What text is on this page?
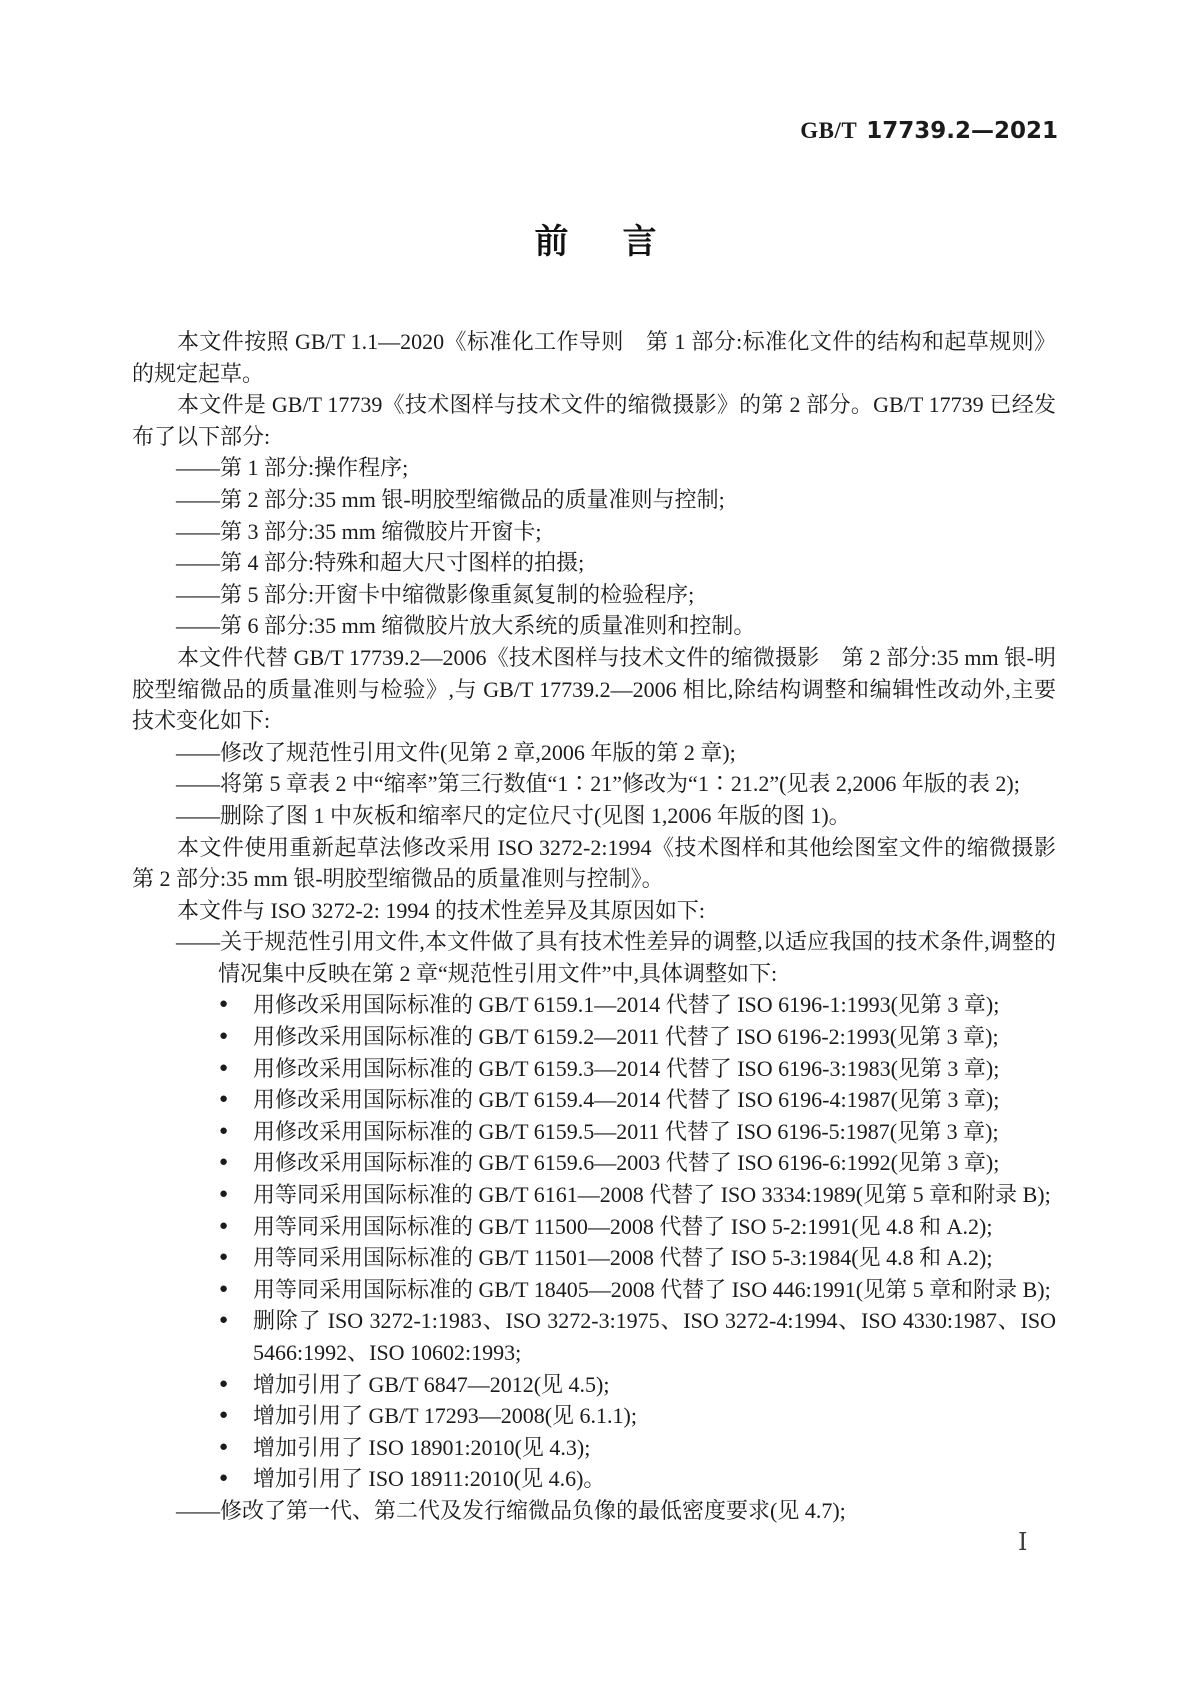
GB/T 17739.2—2021
前 言

本文件按照 GB/T 1.1—2020《标准化工作导则　第 1 部分:标准化文件的结构和起草规则》的规定起草。

本文件是 GB/T 17739《技术图样与技术文件的缩微摄影》的第 2 部分。GB/T 17739 已经发布了以下部分:

——第 1 部分:操作程序;

——第 2 部分:35 mm 银-明胶型缩微品的质量准则与控制;

——第 3 部分:35 mm 缩微胶片开窗卡;

——第 4 部分:特殊和超大尺寸图样的拍摄;

——第 5 部分:开窗卡中缩微影像重氮复制的检验程序;

——第 6 部分:35 mm 缩微胶片放大系统的质量准则和控制。

本文件代替 GB/T 17739.2—2006《技术图样与技术文件的缩微摄影　第 2 部分:35 mm 银-明胶型缩微品的质量准则与检验》,与 GB/T 17739.2—2006 相比,除结构调整和编辑性改动外,主要技术变化如下:

——修改了规范性引用文件(见第 2 章,2006 年版的第 2 章);

——将第 5 章表 2 中“缩率”第三行数值“1∶21”修改为“1∶21.2”(见表 2,2006 年版的表 2);

——删除了图 1 中灰板和缩率尺的定位尺寸(见图 1,2006 年版的图 1)。

本文件使用重新起草法修改采用 ISO 3272-2:1994《技术图样和其他绘图室文件的缩微摄影　第 2 部分:35 mm 银-明胶型缩微品的质量准则与控制》。

本文件与 ISO 3272-2: 1994 的技术性差异及其原因如下:

——关于规范性引用文件,本文件做了具有技术性差异的调整,以适应我国的技术条件,调整的情况集中反映在第 2 章“规范性引用文件”中,具体调整如下:

● 用修改采用国际标准的 GB/T 6159.1—2014 代替了 ISO 6196-1:1993(见第 3 章);

● 用修改采用国际标准的 GB/T 6159.2—2011 代替了 ISO 6196-2:1993(见第 3 章);

● 用修改采用国际标准的 GB/T 6159.3—2014 代替了 ISO 6196-3:1983(见第 3 章);

● 用修改采用国际标准的 GB/T 6159.4—2014 代替了 ISO 6196-4:1987(见第 3 章);

● 用修改采用国际标准的 GB/T 6159.5—2011 代替了 ISO 6196-5:1987(见第 3 章);

● 用修改采用国际标准的 GB/T 6159.6—2003 代替了 ISO 6196-6:1992(见第 3 章);

● 用等同采用国际标准的 GB/T 6161—2008 代替了 ISO 3334:1989(见第 5 章和附录 B);

● 用等同采用国际标准的 GB/T 11500—2008 代替了 ISO 5-2:1991(见 4.8 和 A.2);

● 用等同采用国际标准的 GB/T 11501—2008 代替了 ISO 5-3:1984(见 4.8 和 A.2);

● 用等同采用国际标准的 GB/T 18405—2008 代替了 ISO 446:1991(见第 5 章和附录 B);

● 删除了 ISO 3272-1:1983、ISO 3272-3:1975、ISO 3272-4:1994、ISO 4330:1987、ISO 5466:1992、ISO 10602:1993;

● 增加引用了 GB/T 6847—2012(见 4.5);

● 增加引用了 GB/T 17293—2008(见 6.1.1);

● 增加引用了 ISO 18901:2010(见 4.3);

● 增加引用了 ISO 18911:2010(见 4.6)。

——修改了第一代、第二代及发行缩微品负像的最低密度要求(见 4.7);

Ⅰ
